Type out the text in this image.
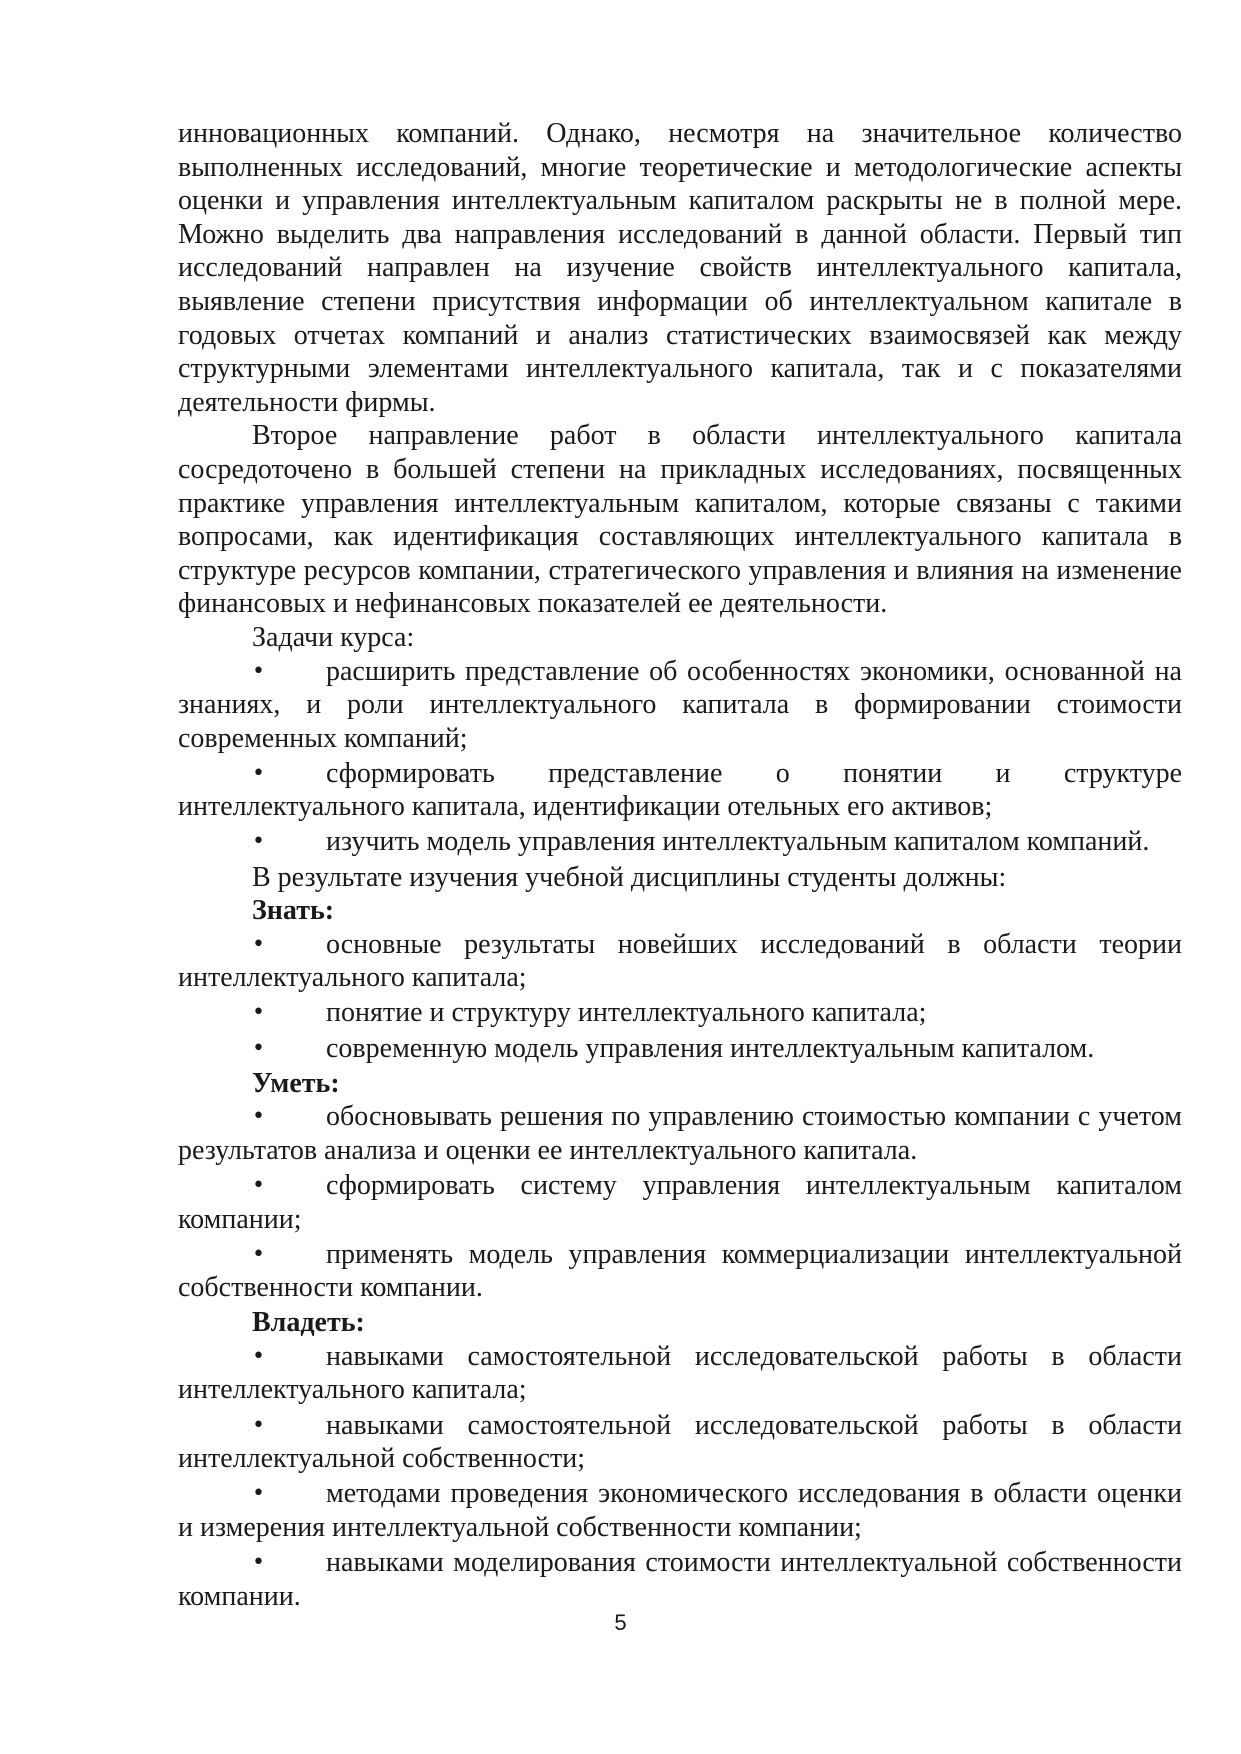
инновационных компаний. Однако, несмотря на значительное количество выполненных исследований, многие теоретические и методологические аспекты оценки и управления интеллектуальным капиталом раскрыты не в полной мере. Можно выделить два направления исследований в данной области. Первый тип исследований направлен на изучение свойств интеллектуального капитала, выявление степени присутствия информации об интеллектуальном капитале в годовых отчетах компаний и анализ статистических взаимосвязей как между структурными элементами интеллектуального капитала, так и с показателями деятельности фирмы.

Второе направление работ в области интеллектуального капитала сосредоточено в большей степени на прикладных исследованиях, посвященных практике управления интеллектуальным капиталом, которые связаны с такими вопросами, как идентификация составляющих интеллектуального капитала в структуре ресурсов компании, стратегического управления и влияния на изменение финансовых и нефинансовых показателей ее деятельности.

Задачи курса:

• расширить представление об особенностях экономики, основанной на знаниях, и роли интеллектуального капитала в формировании стоимости современных компаний;

• сформировать представление о понятии и структуре интеллектуального капитала, идентификации отельных его активов;

• изучить модель управления интеллектуальным капиталом компаний.

В результате изучения учебной дисциплины студенты должны:

Знать:

• основные результаты новейших исследований в области теории интеллектуального капитала;

• понятие и структуру интеллектуального капитала;

• современную модель управления интеллектуальным капиталом.

Уметь:

• обосновывать решения по управлению стоимостью компании с учетом результатов анализа и оценки ее интеллектуального капитала.

• сформировать систему управления интеллектуальным капиталом компании;

• применять модель управления коммерциализации интеллектуальной собственности компании.

Владеть:

• навыками самостоятельной исследовательской работы в области интеллектуального капитала;

• навыками самостоятельной исследовательской работы в области интеллектуальной собственности;

• методами проведения экономического исследования в области оценки и измерения интеллектуальной собственности компании;

• навыками моделирования стоимости интеллектуальной собственности компании.

5
